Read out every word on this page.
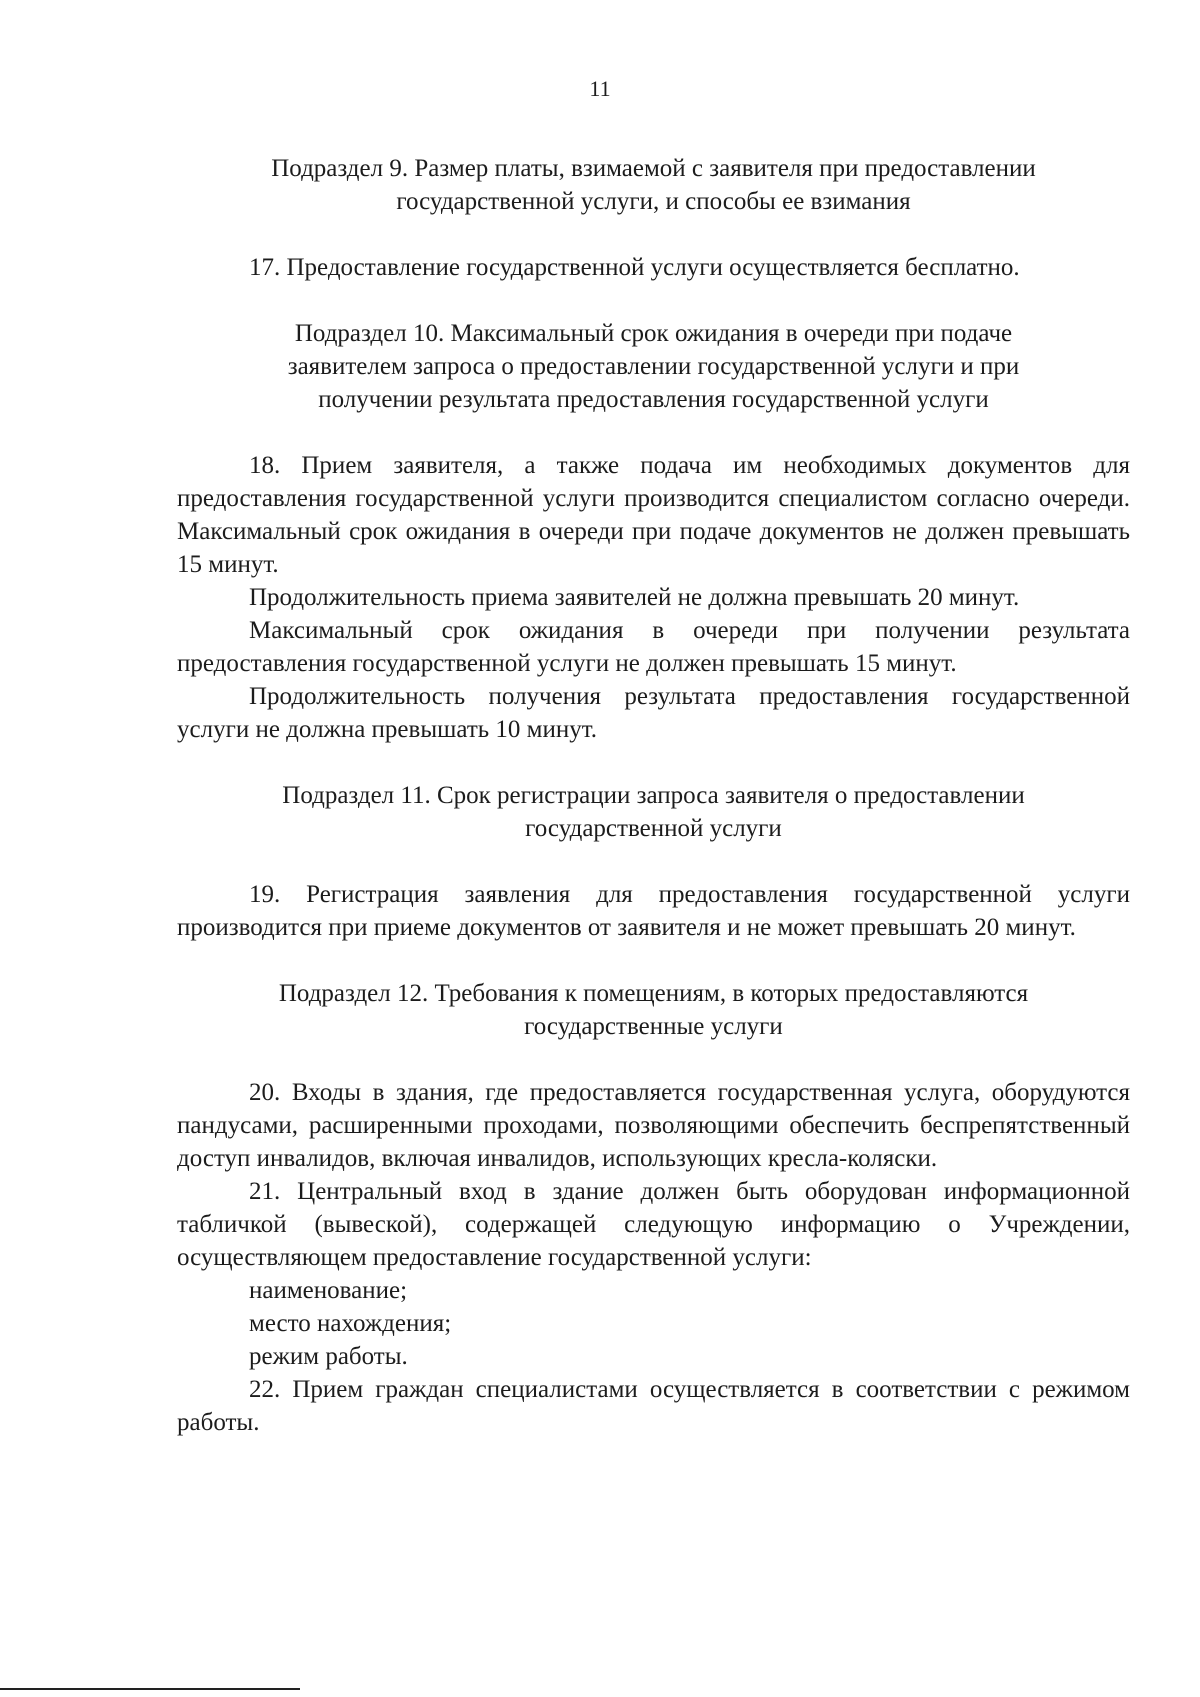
11
Подраздел 9. Размер платы, взимаемой с заявителя при предоставлении
государственной услуги, и способы ее взимания

17. Предоставление государственной услуги осуществляется бесплатно.

Подраздел 10. Максимальный срок ожидания в очереди при подаче
заявителем запроса о предоставлении государственной услуги и при
получении результата предоставления государственной услуги

18. Прием заявителя, а также подача им необходимых документов для предоставления государственной услуги производится специалистом согласно очереди. Максимальный срок ожидания в очереди при подаче документов не должен превышать 15 минут.

Продолжительность приема заявителей не должна превышать 20 минут.

Максимальный срок ожидания в очереди при получении результата предоставления государственной услуги не должен превышать 15 минут.

Продолжительность получения результата предоставления государственной услуги не должна превышать 10 минут.

Подраздел 11. Срок регистрации запроса заявителя о предоставлении
государственной услуги

19. Регистрация заявления для предоставления государственной услуги производится при приеме документов от заявителя и не может превышать 20 минут.

Подраздел 12. Требования к помещениям, в которых предоставляются
государственные услуги

20. Входы в здания, где предоставляется государственная услуга, оборудуются пандусами, расширенными проходами, позволяющими обеспечить беспрепятственный доступ инвалидов, включая инвалидов, использующих кресла-коляски.

21. Центральный вход в здание должен быть оборудован информационной табличкой (вывеской), содержащей следующую информацию о Учреждении, осуществляющем предоставление государственной услуги:

наименование;

место нахождения;

режим работы.

22. Прием граждан специалистами осуществляется в соответствии с режимом работы.
